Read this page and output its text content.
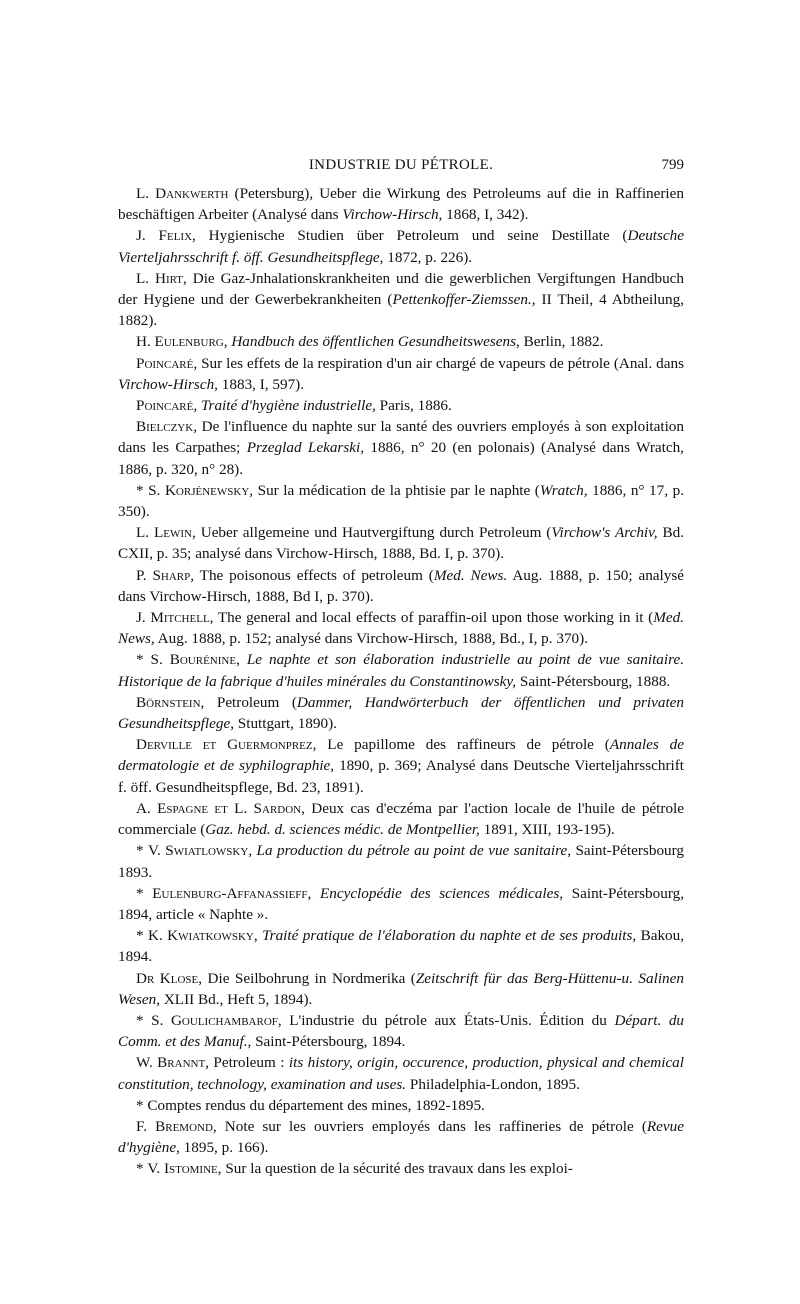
INDUSTRIE DU PÉTROLE.	799

L. Dankwerth (Petersburg), Ueber die Wirkung des Petroleums auf die in Raffinerien beschäftigen Arbeiter (Analysé dans Virchow-Hirsch, 1868, I, 342).

J. Felix, Hygienische Studien über Petroleum und seine Destillate (Deutsche Vierteljahrsschrift f. öff. Gesundheitspflege, 1872, p. 226).

L. Hirt, Die Gaz-Jnhalationskrankheiten und die gewerblichen Vergiftungen Handbuch der Hygiene und der Gewerbekrankheiten (Pettenkoffer-Ziemssen., II Theil, 4 Abtheilung, 1882).

H. Eulenburg, Handbuch des öffentlichen Gesundheitswesens, Berlin, 1882.

Poincaré, Sur les effets de la respiration d'un air chargé de vapeurs de pétrole (Anal. dans Virchow-Hirsch, 1883, I, 597).

Poincaré, Traité d'hygiène industrielle, Paris, 1886.

Bielczyk, De l'influence du naphte sur la santé des ouvriers employés à son exploitation dans les Carpathes; Przeglad Lekarski, 1886, n° 20 (en polonais) (Analysé dans Wratch, 1886, p. 320, n° 28).

* S. Korjénewsky, Sur la médication de la phtisie par le naphte (Wratch, 1886, n° 17, p. 350).

L. Lewin, Ueber allgemeine und Hautvergiftung durch Petroleum (Virchow's Archiv, Bd. CXII, p. 35; analysé dans Virchow-Hirsch, 1888, Bd. I, p. 370).

P. Sharp, The poisonous effects of petroleum (Med. News. Aug. 1888, p. 150; analysé dans Virchow-Hirsch, 1888, Bd I, p. 370).

J. Mitchell, The general and local effects of paraffin-oil upon those working in it (Med. News, Aug. 1888, p. 152; analysé dans Virchow-Hirsch, 1888, Bd., I, p. 370).

* S. Bourénine, Le naphte et son élaboration industrielle au point de vue sanitaire. Historique de la fabrique d'huiles minérales du Constantinowsky, Saint-Pétersbourg, 1888.

Börnstein, Petroleum (Dammer, Handwörterbuch der öffentlichen und privaten Gesundheitspflege, Stuttgart, 1890).

Derville et Guermonprez, Le papillome des raffineurs de pétrole (Annales de dermatologie et de syphilographie, 1890, p. 369; Analysé dans Deutsche Vierteljahrsschrift f. öff. Gesundheitspflege, Bd. 23, 1891).

A. Espagne et L. Sardon, Deux cas d'eczéma par l'action locale de l'huile de pétrole commerciale (Gaz. hebd. d. sciences médic. de Montpellier, 1891, XIII, 193-195).

* V. Swiatlowsky, La production du pétrole au point de vue sanitaire, Saint-Pétersbourg 1893.

* Eulenburg-Affanassieff, Encyclopédie des sciences médicales, Saint-Pétersbourg, 1894, article « Naphte ».

* K. Kwiatkowsky, Traité pratique de l'élaboration du naphte et de ses produits, Bakou, 1894.

Dr Klose, Die Seilbohrung in Nordmerika (Zeitschrift für das Berg-Hüttenu-u. Salinen Wesen, XLII Bd., Heft 5, 1894).

* S. Goulichambarof, L'industrie du pétrole aux États-Unis. Édition du Départ. du Comm. et des Manuf., Saint-Pétersbourg, 1894.

W. Brannt, Petroleum : its history, origin, occurence, production, physical and chemical constitution, technology, examination and uses. Philadelphia-London, 1895.

* Comptes rendus du département des mines, 1892-1895.

F. Bremond, Note sur les ouvriers employés dans les raffineries de pétrole (Revue d'hygiène, 1895, p. 166).

* V. Istomine, Sur la question de la sécurité des travaux dans les exploi-
